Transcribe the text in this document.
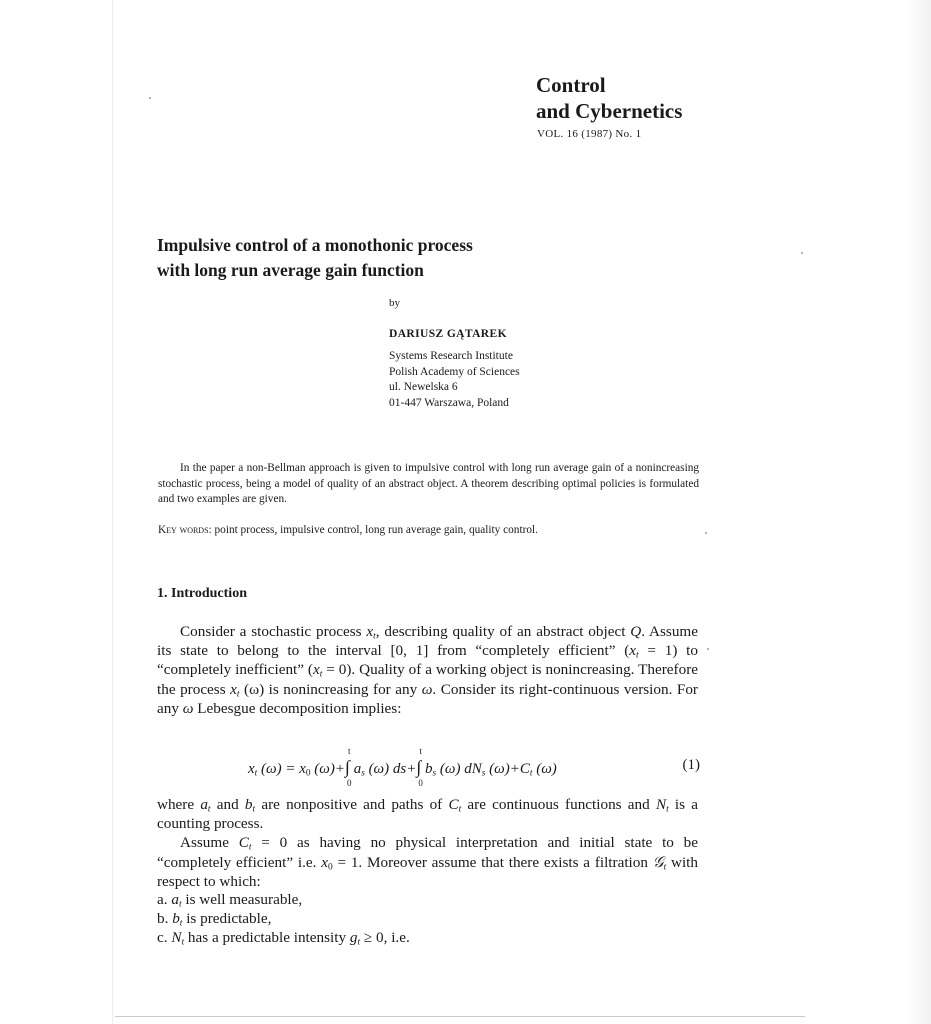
Control
and Cybernetics
VOL. 16 (1987) No. 1
Impulsive control of a monothonic process
with long run average gain function
by
DARIUSZ GĄTAREK
Systems Research Institute
Polish Academy of Sciences
ul. Newelska 6
01-447 Warszawa, Poland

In the paper a non-Bellman approach is given to impulsive control with long run average gain of a nonincreasing stochastic process, being a model of quality of an abstract object. A theorem describing optimal policies is formulated and two examples are given.

Key words: point process, impulsive control, long run average gain, quality control.
1. Introduction

Consider a stochastic process $x_t$, describing quality of an abstract object Q. Assume its state to belong to the interval [0, 1] from “completely efficient” $(x_t = 1)$ to “completely inefficient” $(x_t = 0)$. Quality of a working object is nonincreasing. Therefore the process $x_t$ (ω) is nonincreasing for any ω. Consider its right-continuous version. For any ω Lebesgue decomposition implies:

$x_t$ $(\omega) = x_0$ (ω)+∫
t
0
$a_s$ (ω) ds+∫
t
0
$b_s$ (ω) $dN_s$ $(\omega)+C_t$ (ω)	(1)

where $a_t$ and $b_t$ are nonpositive and paths of $C_t$ are continuous functions and $N_t$ is a counting process.

Assume $C_t = 0$ as having no physical interpretation and initial state to be “completely efficient” i.e. $x_0 = 1$. Moreover assume that there exists a filtration 𝒢$_t$ with respect to which:

a. $a_t$ is well measurable,
b. $b_t$ is predictable,
c. $N_t$ has a predictable intensity $g_t \ge 0$, i.e.
